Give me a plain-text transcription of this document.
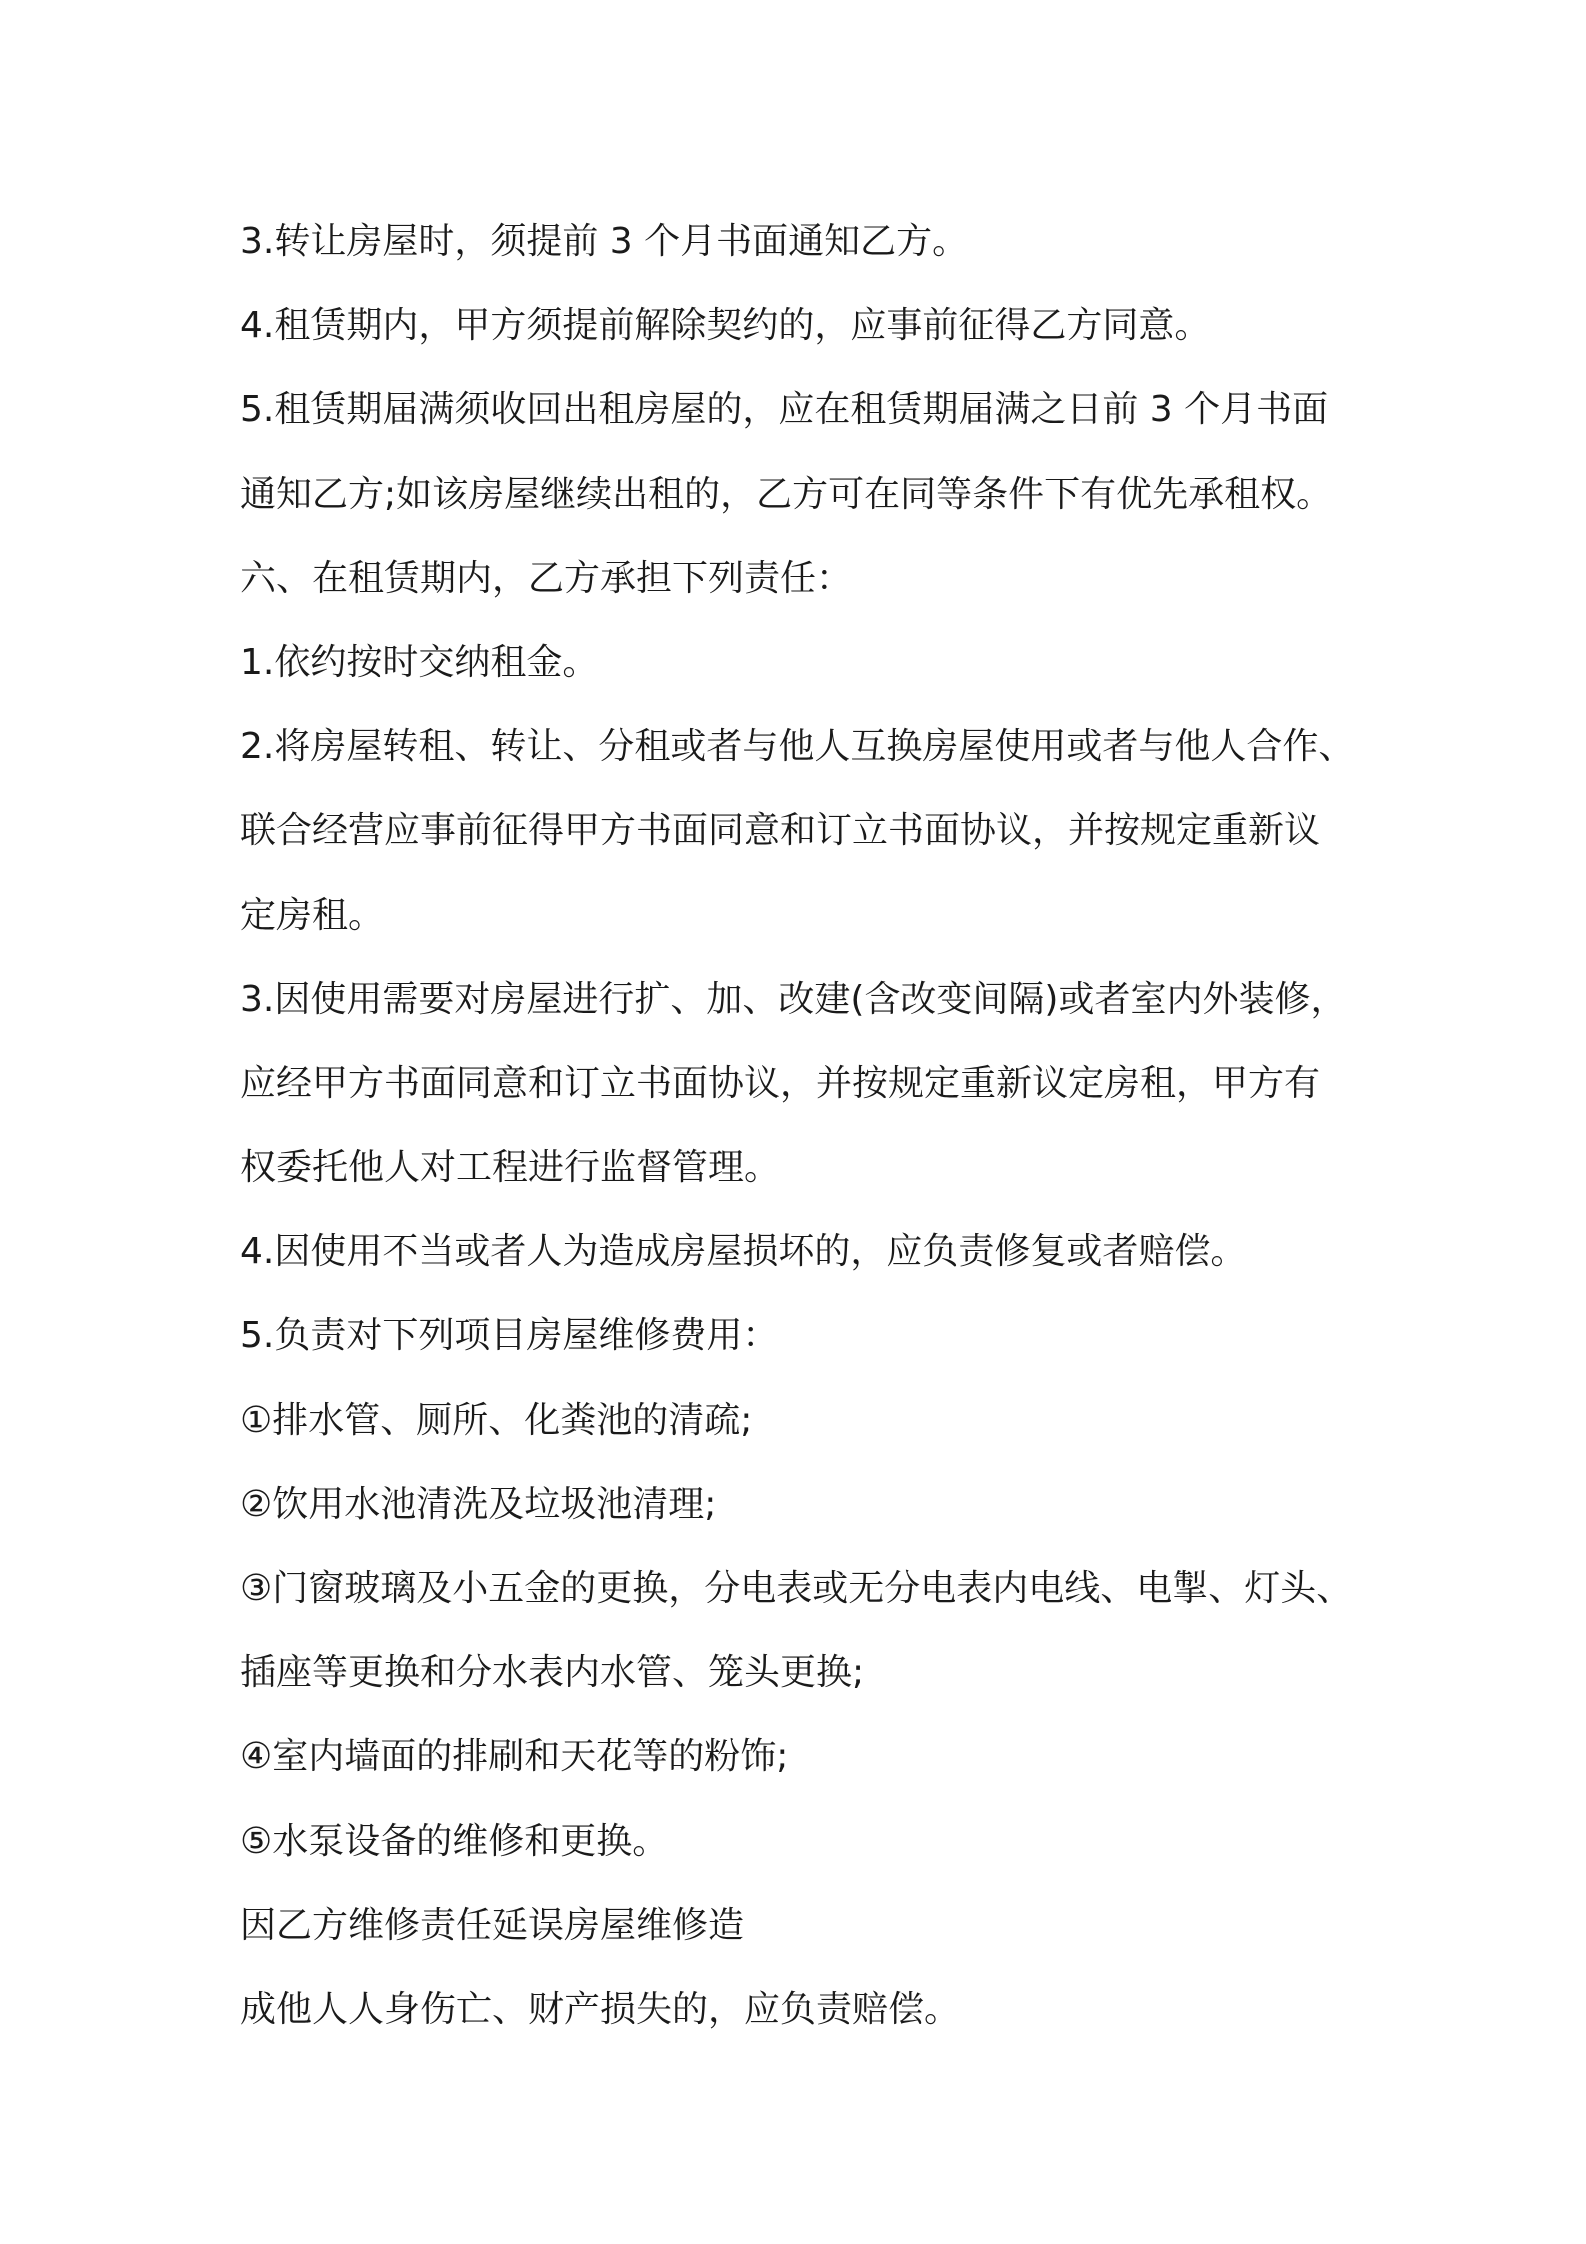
3.转让房屋时，须提前 3 个月书面通知乙方。
4.租赁期内，甲方须提前解除契约的，应事前征得乙方同意。
5.租赁期届满须收回出租房屋的，应在租赁期届满之日前 3 个月书面
通知乙方;如该房屋继续出租的，乙方可在同等条件下有优先承租权。
六、在租赁期内，乙方承担下列责任：
1.依约按时交纳租金。
2.将房屋转租、转让、分租或者与他人互换房屋使用或者与他人合作、
联合经营应事前征得甲方书面同意和订立书面协议，并按规定重新议
定房租。
3.因使用需要对房屋进行扩、加、改建(含改变间隔)或者室内外装修，
应经甲方书面同意和订立书面协议，并按规定重新议定房租，甲方有
权委托他人对工程进行监督管理。
4.因使用不当或者人为造成房屋损坏的，应负责修复或者赔偿。
5.负责对下列项目房屋维修费用：
①排水管、厕所、化粪池的清疏;
②饮用水池清洗及垃圾池清理;
③门窗玻璃及小五金的更换，分电表或无分电表内电线、电掣、灯头、
插座等更换和分水表内水管、笼头更换;
④室内墙面的排刷和天花等的粉饰;
⑤水泵设备的维修和更换。
因乙方维修责任延误房屋维修造
成他人人身伤亡、财产损失的，应负责赔偿。
